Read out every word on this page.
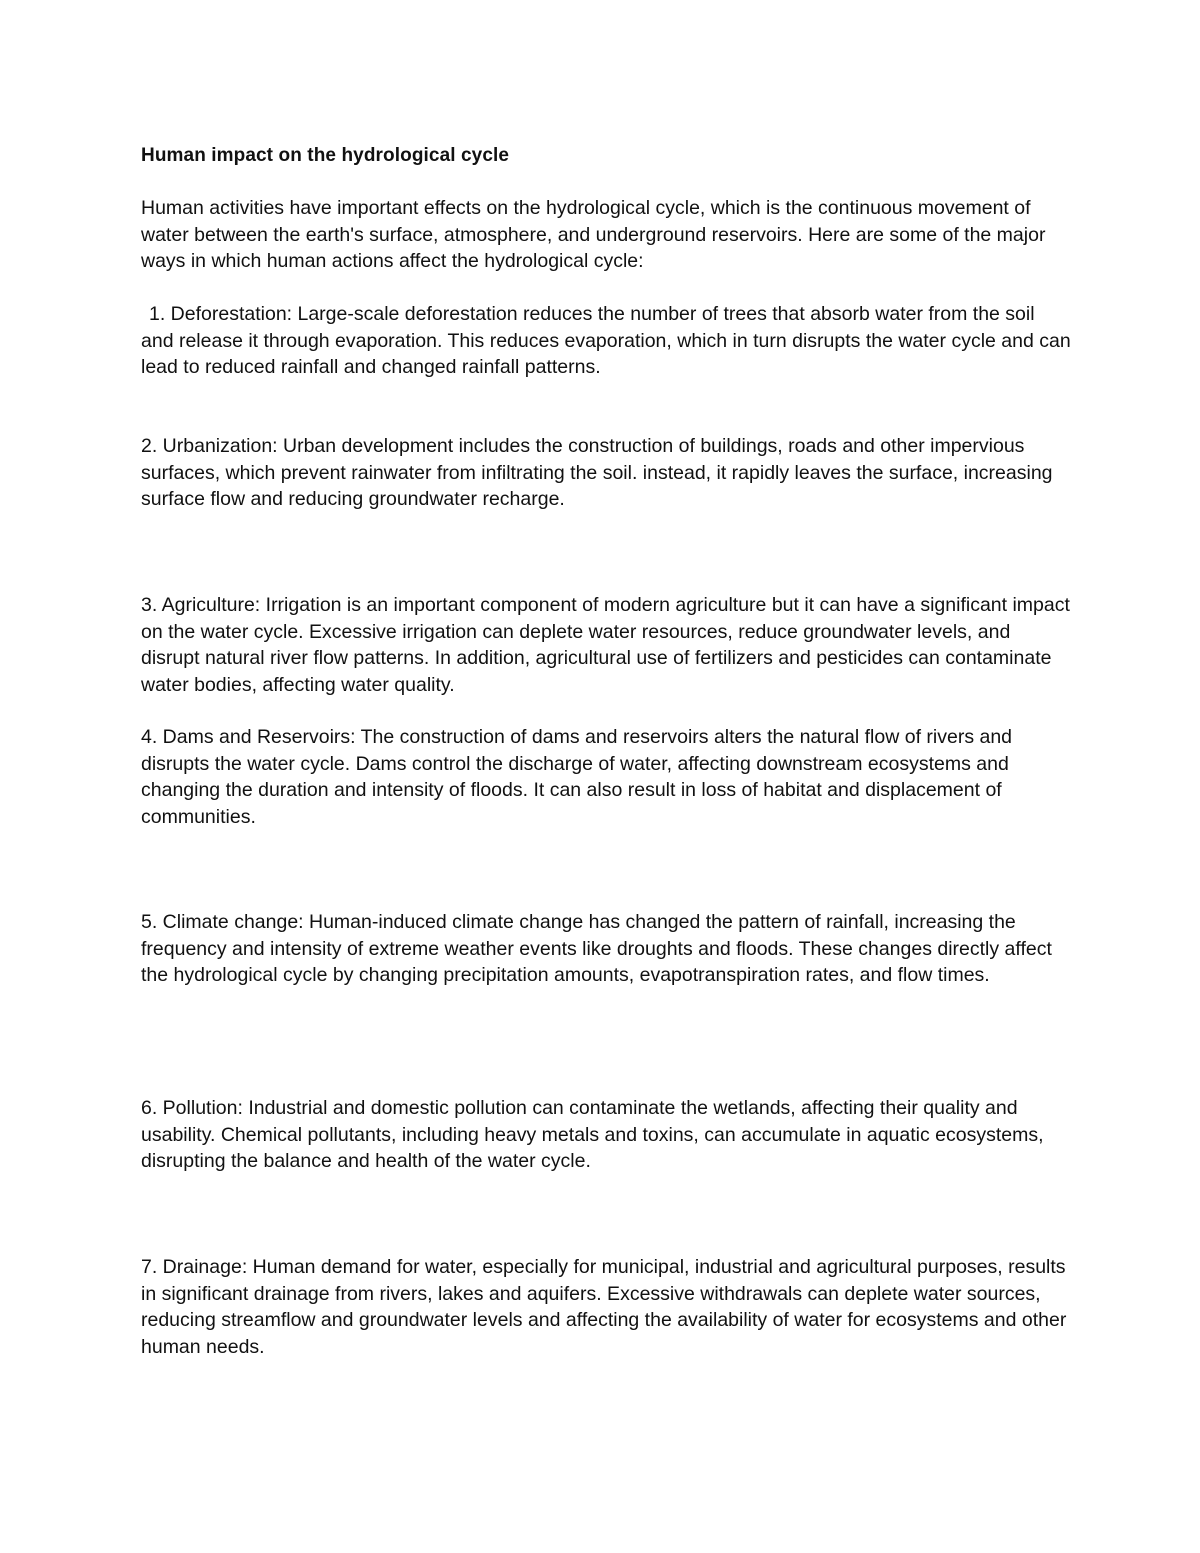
Human impact on the hydrological cycle

Human activities have important effects on the hydrological cycle, which is the continuous movement of water between the earth's surface, atmosphere, and underground reservoirs. Here are some of the major ways in which human actions affect the hydrological cycle:

1. Deforestation: Large-scale deforestation reduces the number of trees that absorb water from the soil and release it through evaporation. This reduces evaporation, which in turn disrupts the water cycle and can lead to reduced rainfall and changed rainfall patterns.

2. Urbanization: Urban development includes the construction of buildings, roads and other impervious surfaces, which prevent rainwater from infiltrating the soil. instead, it rapidly leaves the surface, increasing surface flow and reducing groundwater recharge.

3. Agriculture: Irrigation is an important component of modern agriculture but it can have a significant impact on the water cycle. Excessive irrigation can deplete water resources, reduce groundwater levels, and disrupt natural river flow patterns. In addition, agricultural use of fertilizers and pesticides can contaminate water bodies, affecting water quality.

4. Dams and Reservoirs: The construction of dams and reservoirs alters the natural flow of rivers and disrupts the water cycle. Dams control the discharge of water, affecting downstream ecosystems and changing the duration and intensity of floods. It can also result in loss of habitat and displacement of communities.

5. Climate change: Human-induced climate change has changed the pattern of rainfall, increasing the frequency and intensity of extreme weather events like droughts and floods. These changes directly affect the hydrological cycle by changing precipitation amounts, evapotranspiration rates, and flow times.

6. Pollution: Industrial and domestic pollution can contaminate the wetlands, affecting their quality and usability. Chemical pollutants, including heavy metals and toxins, can accumulate in aquatic ecosystems, disrupting the balance and health of the water cycle.

7. Drainage: Human demand for water, especially for municipal, industrial and agricultural purposes, results in significant drainage from rivers, lakes and aquifers. Excessive withdrawals can deplete water sources, reducing streamflow and groundwater levels and affecting the availability of water for ecosystems and other human needs.
